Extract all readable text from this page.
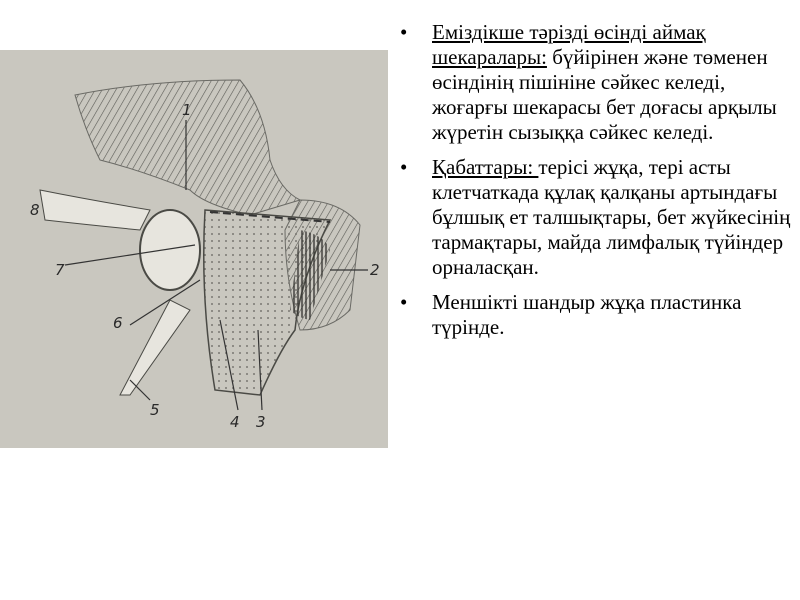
1
2
3
4
5
6
7
8
• Еміздікше тәрізді өсінді аймақ шекаралары: бүйірінен және төменен өсіндінің пішініне сәйкес келеді, жоғарғы шекарасы бет доғасы арқылы жүретін сызыққа сәйкес келеді.
• Қабаттары: терісі жұқа, тері асты клетчаткада құлақ қалқаны артындағы бұлшық ет талшықтары, бет жүйкесінің тармақтары, майда лимфалық түйіндер орналасқан.
• Меншікті шандыр жұқа пластинка түрінде.
